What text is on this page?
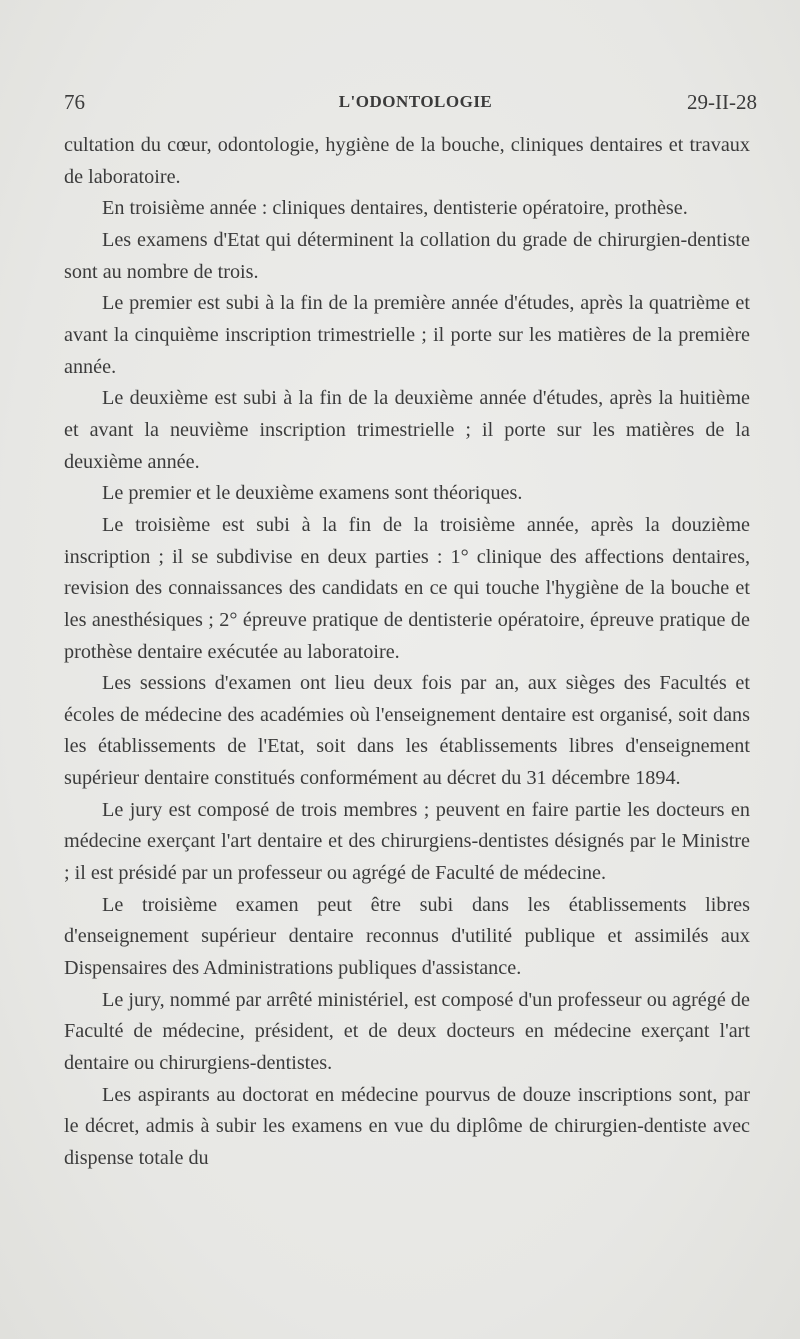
76	L'ODONTOLOGIE	29-II-28

cultation du cœur, odontologie, hygiène de la bouche, cliniques dentaires et travaux de laboratoire.

En troisième année : cliniques dentaires, dentisterie opératoire, prothèse.

Les examens d'Etat qui déterminent la collation du grade de chirurgien-dentiste sont au nombre de trois.

Le premier est subi à la fin de la première année d'études, après la quatrième et avant la cinquième inscription trimestrielle ; il porte sur les matières de la première année.

Le deuxième est subi à la fin de la deuxième année d'études, après la huitième et avant la neuvième inscription trimestrielle ; il porte sur les matières de la deuxième année.

Le premier et le deuxième examens sont théoriques.

Le troisième est subi à la fin de la troisième année, après la douzième inscription ; il se subdivise en deux parties : 1° clinique des affections dentaires, revision des connaissances des candidats en ce qui touche l'hygiène de la bouche et les anesthésiques ; 2° épreuve pratique de dentisterie opératoire, épreuve pratique de prothèse dentaire exécutée au laboratoire.

Les sessions d'examen ont lieu deux fois par an, aux sièges des Facultés et écoles de médecine des académies où l'enseignement dentaire est organisé, soit dans les établissements de l'Etat, soit dans les établissements libres d'enseignement supérieur dentaire constitués conformément au décret du 31 décembre 1894.

Le jury est composé de trois membres ; peuvent en faire partie les docteurs en médecine exerçant l'art dentaire et des chirurgiens-dentistes désignés par le Ministre ; il est présidé par un professeur ou agrégé de Faculté de médecine.

Le troisième examen peut être subi dans les établissements libres d'enseignement supérieur dentaire reconnus d'utilité publique et assimilés aux Dispensaires des Administrations publiques d'assistance.

Le jury, nommé par arrêté ministériel, est composé d'un professeur ou agrégé de Faculté de médecine, président, et de deux docteurs en médecine exerçant l'art dentaire ou chirurgiens-dentistes.

Les aspirants au doctorat en médecine pourvus de douze inscriptions sont, par le décret, admis à subir les examens en vue du diplôme de chirurgien-dentiste avec dispense totale du
